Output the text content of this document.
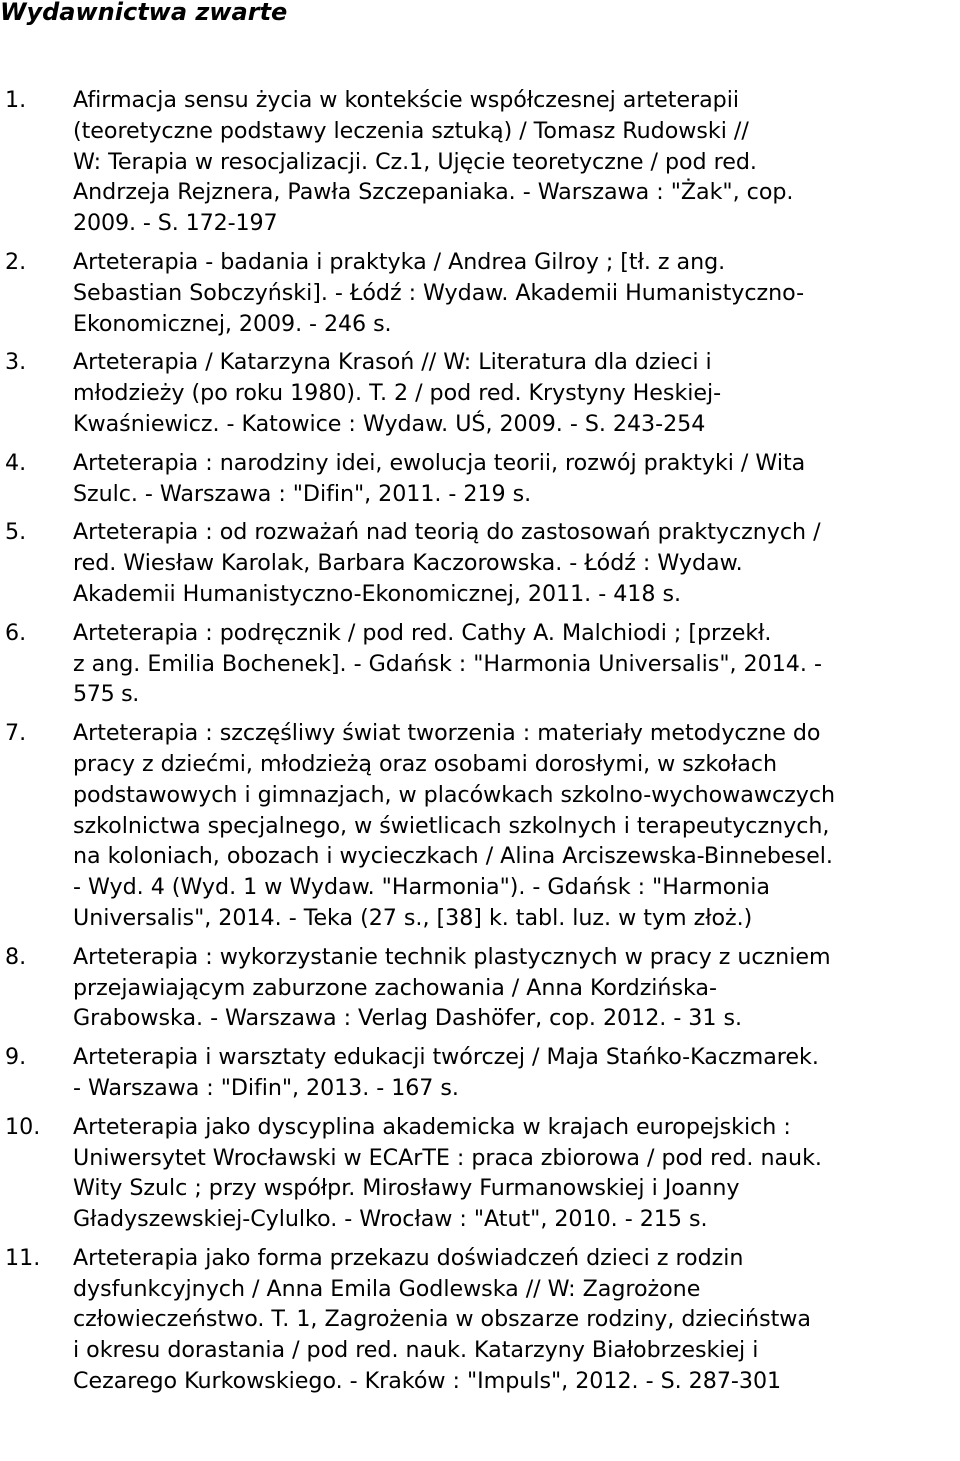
Wydawnictwa zwarte
1. Afirmacja sensu życia w kontekście współczesnej arteterapii
(teoretyczne podstawy leczenia sztuką) / Tomasz Rudowski //
W: Terapia w resocjalizacji. Cz.1, Ujęcie teoretyczne / pod red.
Andrzeja Rejznera, Pawła Szczepaniaka. - Warszawa : "Żak", cop.
2009. - S. 172-197
2. Arteterapia - badania i praktyka / Andrea Gilroy ; [tł. z ang.
Sebastian Sobczyński]. - Łódź : Wydaw. Akademii Humanistyczno-
Ekonomicznej, 2009. - 246 s.
3. Arteterapia / Katarzyna Krasoń // W: Literatura dla dzieci i
młodzieży (po roku 1980). T. 2 / pod red. Krystyny Heskiej-
Kwaśniewicz. - Katowice : Wydaw. UŚ, 2009. - S. 243-254
4. Arteterapia : narodziny idei, ewolucja teorii, rozwój praktyki / Wita
Szulc. - Warszawa : "Difin", 2011. - 219 s.
5. Arteterapia : od rozważań nad teorią do zastosowań praktycznych /
red. Wiesław Karolak, Barbara Kaczorowska. - Łódź : Wydaw.
Akademii Humanistyczno-Ekonomicznej, 2011. - 418 s.
6. Arteterapia : podręcznik / pod red. Cathy A. Malchiodi ; [przekł.
z ang. Emilia Bochenek]. - Gdańsk : "Harmonia Universalis", 2014. -
575 s.
7. Arteterapia : szczęśliwy świat tworzenia : materiały metodyczne do
pracy z dziećmi, młodzieżą oraz osobami dorosłymi, w szkołach
podstawowych i gimnazjach, w placówkach szkolno-wychowawczych
szkolnictwa specjalnego, w świetlicach szkolnych i terapeutycznych,
na koloniach, obozach i wycieczkach / Alina Arciszewska-Binnebesel.
- Wyd. 4 (Wyd. 1 w Wydaw. "Harmonia"). - Gdańsk : "Harmonia
Universalis", 2014. - Teka (27 s., [38] k. tabl. luz. w tym złoż.)
8. Arteterapia : wykorzystanie technik plastycznych w pracy z uczniem
przejawiającym zaburzone zachowania / Anna Kordzińska-
Grabowska. - Warszawa : Verlag Dashöfer, cop. 2012. - 31 s.
9. Arteterapia i warsztaty edukacji twórczej / Maja Stańko-Kaczmarek.
- Warszawa : "Difin", 2013. - 167 s.
10. Arteterapia jako dyscyplina akademicka w krajach europejskich :
Uniwersytet Wrocławski w ECArTE : praca zbiorowa / pod red. nauk.
Wity Szulc ; przy współpr. Mirosławy Furmanowskiej i Joanny
Gładyszewskiej-Cylulko. - Wrocław : "Atut", 2010. - 215 s.
11. Arteterapia jako forma przekazu doświadczeń dzieci z rodzin
dysfunkcyjnych / Anna Emila Godlewska // W: Zagrożone
człowieczeństwo. T. 1, Zagrożenia w obszarze rodziny, dzieciństwa
i okresu dorastania / pod red. nauk. Katarzyny Białobrzeskiej i
Cezarego Kurkowskiego. - Kraków : "Impuls", 2012. - S. 287-301
